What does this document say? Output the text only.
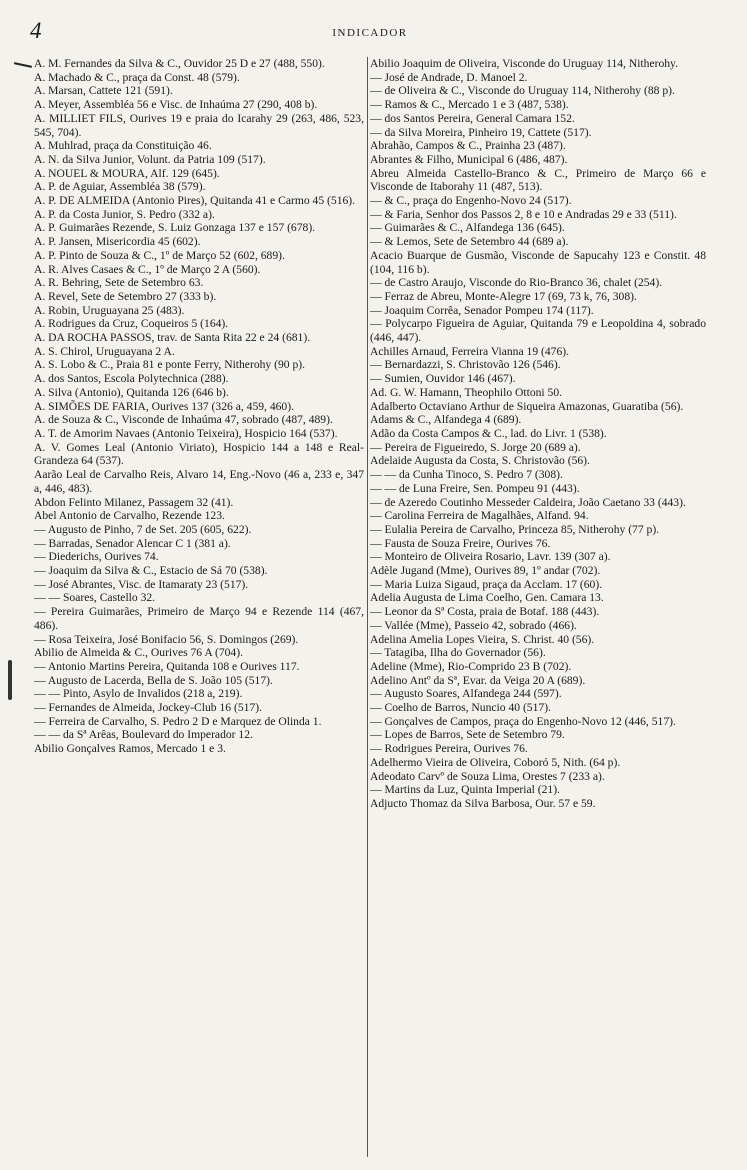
4	INDICADOR
A. M. Fernandes da Silva & C., Ouvidor 25 D e 27 (488, 550).
A. Machado & C., praça da Const. 48 (579).
A. Marsan, Cattete 121 (591).
A. Meyer, Assembléa 56 e Visc. de Inhaúma 27 (290, 408 b).
A. MILLIET FILS, Ourives 19 e praia do Icarahy 29 (263, 486, 523, 545, 704).
A. Muhlrad, praça da Constituição 46.
A. N. da Silva Junior, Volunt. da Patria 109 (517).
A. NOUEL & MOURA, Alf. 129 (645).
A. P. de Aguiar, Assembléa 38 (579).
A. P. DE ALMEIDA (Antonio Pires), Quitanda 41 e Carmo 45 (516).
A. P. da Costa Junior, S. Pedro (332 a).
A. P. Guimarães Rezende, S. Luiz Gonzaga 137 e 157 (678).
A. P. Jansen, Misericordia 45 (602).
A. P. Pinto de Souza & C., 1º de Março 52 (602, 689).
A. R. Alves Casaes & C., 1º de Março 2 A (560).
A. R. Behring, Sete de Setembro 63.
A. Revel, Sete de Setembro 27 (333 b).
A. Robin, Uruguayana 25 (483).
A. Rodrigues da Cruz, Coqueiros 5 (164).
A. DA ROCHA PASSOS, trav. de Santa Rita 22 e 24 (681).
A. S. Chirol, Uruguayana 2 A.
A. S. Lobo & C., Praia 81 e ponte Ferry, Nitherohy (90 p).
A. dos Santos, Escola Polytechnica (288).
A. Silva (Antonio), Quitanda 126 (646 b).
A. SIMÕES DE FARIA, Ourives 137 (326 a, 459, 460).
A. de Souza & C., Visconde de Inhaúma 47, sobrado (487, 489).
A. T. de Amorim Navaes (Antonio Teixeira), Hospicio 164 (537).
A. V. Gomes Leal (Antonio Viriato), Hospicio 144 a 148 e Real-Grandeza 64 (537).
Aarão Leal de Carvalho Reis, Alvaro 14, Eng.-Novo (46 a, 233 e, 347 a, 446, 483).
Abdon Felinto Milanez, Passagem 32 (41).
Abel Antonio de Carvalho, Rezende 123.
— Augusto de Pinho, 7 de Set. 205 (605, 622).
— Barradas, Senador Alencar C 1 (381 a).
— Diederichs, Ourives 74.
— Joaquim da Silva & C., Estacio de Sá 70 (538).
— José Abrantes, Visc. de Itamaraty 23 (517).
— — Soares, Castello 32.
— Pereira Guimarães, Primeiro de Março 94 e Rezende 114 (467, 486).
— Rosa Teixeira, José Bonifacio 56, S. Domingos (269).
Abilio de Almeida & C., Ourives 76 A (704).
— Antonio Martins Pereira, Quitanda 108 e Ourives 117.
— Augusto de Lacerda, Bella de S. João 105 (517).
— — Pinto, Asylo de Invalidos (218 a, 219).
— Fernandes de Almeida, Jockey-Club 16 (517).
— Ferreira de Carvalho, S. Pedro 2 D e Marquez de Olinda 1.
— — da Sª Arêas, Boulevard do Imperador 12.
Abilio Gonçalves Ramos, Mercado 1 e 3.
Abilio Joaquim de Oliveira, Visconde do Uruguay 114, Nitherohy.
— José de Andrade, D. Manoel 2.
— de Oliveira & C., Visconde do Uruguay 114, Nitherohy (88 p).
— Ramos & C., Mercado 1 e 3 (487, 538).
— dos Santos Pereira, General Camara 152.
— da Silva Moreira, Pinheiro 19, Cattete (517).
Abrahão, Campos & C., Prainha 23 (487).
Abrantes & Filho, Municipal 6 (486, 487).
Abreu Almeida Castello-Branco & C., Primeiro de Março 66 e Visconde de Itaborahy 11 (487, 513).
— & C., praça do Engenho-Novo 24 (517).
— & Faria, Senhor dos Passos 2, 8 e 10 e Andradas 29 e 33 (511).
— Guimarães & C., Alfandega 136 (645).
— & Lemos, Sete de Setembro 44 (689 a).
Acacio Buarque de Gusmão, Visconde de Sapucahy 123 e Constit. 48 (104, 116 b).
— de Castro Araujo, Visconde do Rio-Branco 36, chalet (254).
— Ferraz de Abreu, Monte-Alegre 17 (69, 73 k, 76, 308).
— Joaquim Corrêa, Senador Pompeu 174 (117).
— Polycarpo Figueira de Aguiar, Quitanda 79 e Leopoldina 4, sobrado (446, 447).
Achilles Arnaud, Ferreira Vianna 19 (476).
— Bernardazzi, S. Christovão 126 (546).
— Sumien, Ouvidor 146 (467).
Ad. G. W. Hamann, Theophilo Ottoni 50.
Adalberto Octaviano Arthur de Siqueira Amazonas, Guaratiba (56).
Adams & C., Alfandega 4 (689).
Adão da Costa Campos & C., lad. do Livr. 1 (538).
— Pereira de Figueiredo, S. Jorge 20 (689 a).
Adelaide Augusta da Costa, S. Christovão (56).
— — da Cunha Tinoco, S. Pedro 7 (308).
— — de Luna Freire, Sen. Pompeu 91 (443).
— de Azeredo Coutinho Messeder Caldeira, João Caetano 33 (443).
— Carolina Ferreira de Magalhães, Alfand. 94.
— Eulalia Pereira de Carvalho, Princeza 85, Nitherohy (77 p).
— Fausta de Souza Freire, Ourives 76.
— Monteiro de Oliveira Rosario, Lavr. 139 (307 a).
Adèle Jugand (Mme), Ourives 89, 1º andar (702).
— Maria Luiza Sigaud, praça da Acclam. 17 (60).
Adelia Augusta de Lima Coelho, Gen. Camara 13.
— Leonor da Sª Costa, praia de Botaf. 188 (443).
— Vallée (Mme), Passeio 42, sobrado (466).
Adelina Amelia Lopes Vieira, S. Christ. 40 (56).
— Tatagiba, Ilha do Governador (56).
Adeline (Mme), Rio-Comprido 23 B (702).
Adelino Antº da Sª, Evar. da Veiga 20 A (689).
— Augusto Soares, Alfandega 244 (597).
— Coelho de Barros, Nuncio 40 (517).
— Gonçalves de Campos, praça do Engenho-Novo 12 (446, 517).
— Lopes de Barros, Sete de Setembro 79.
— Rodrigues Pereira, Ourives 76.
Adelhermo Vieira de Oliveira, Coboró 5, Nith. (64 p).
Adeodato Carvº de Souza Lima, Orestes 7 (233 a).
— Martins da Luz, Quinta Imperial (21).
Adjucto Thomaz da Silva Barbosa, Our. 57 e 59.
